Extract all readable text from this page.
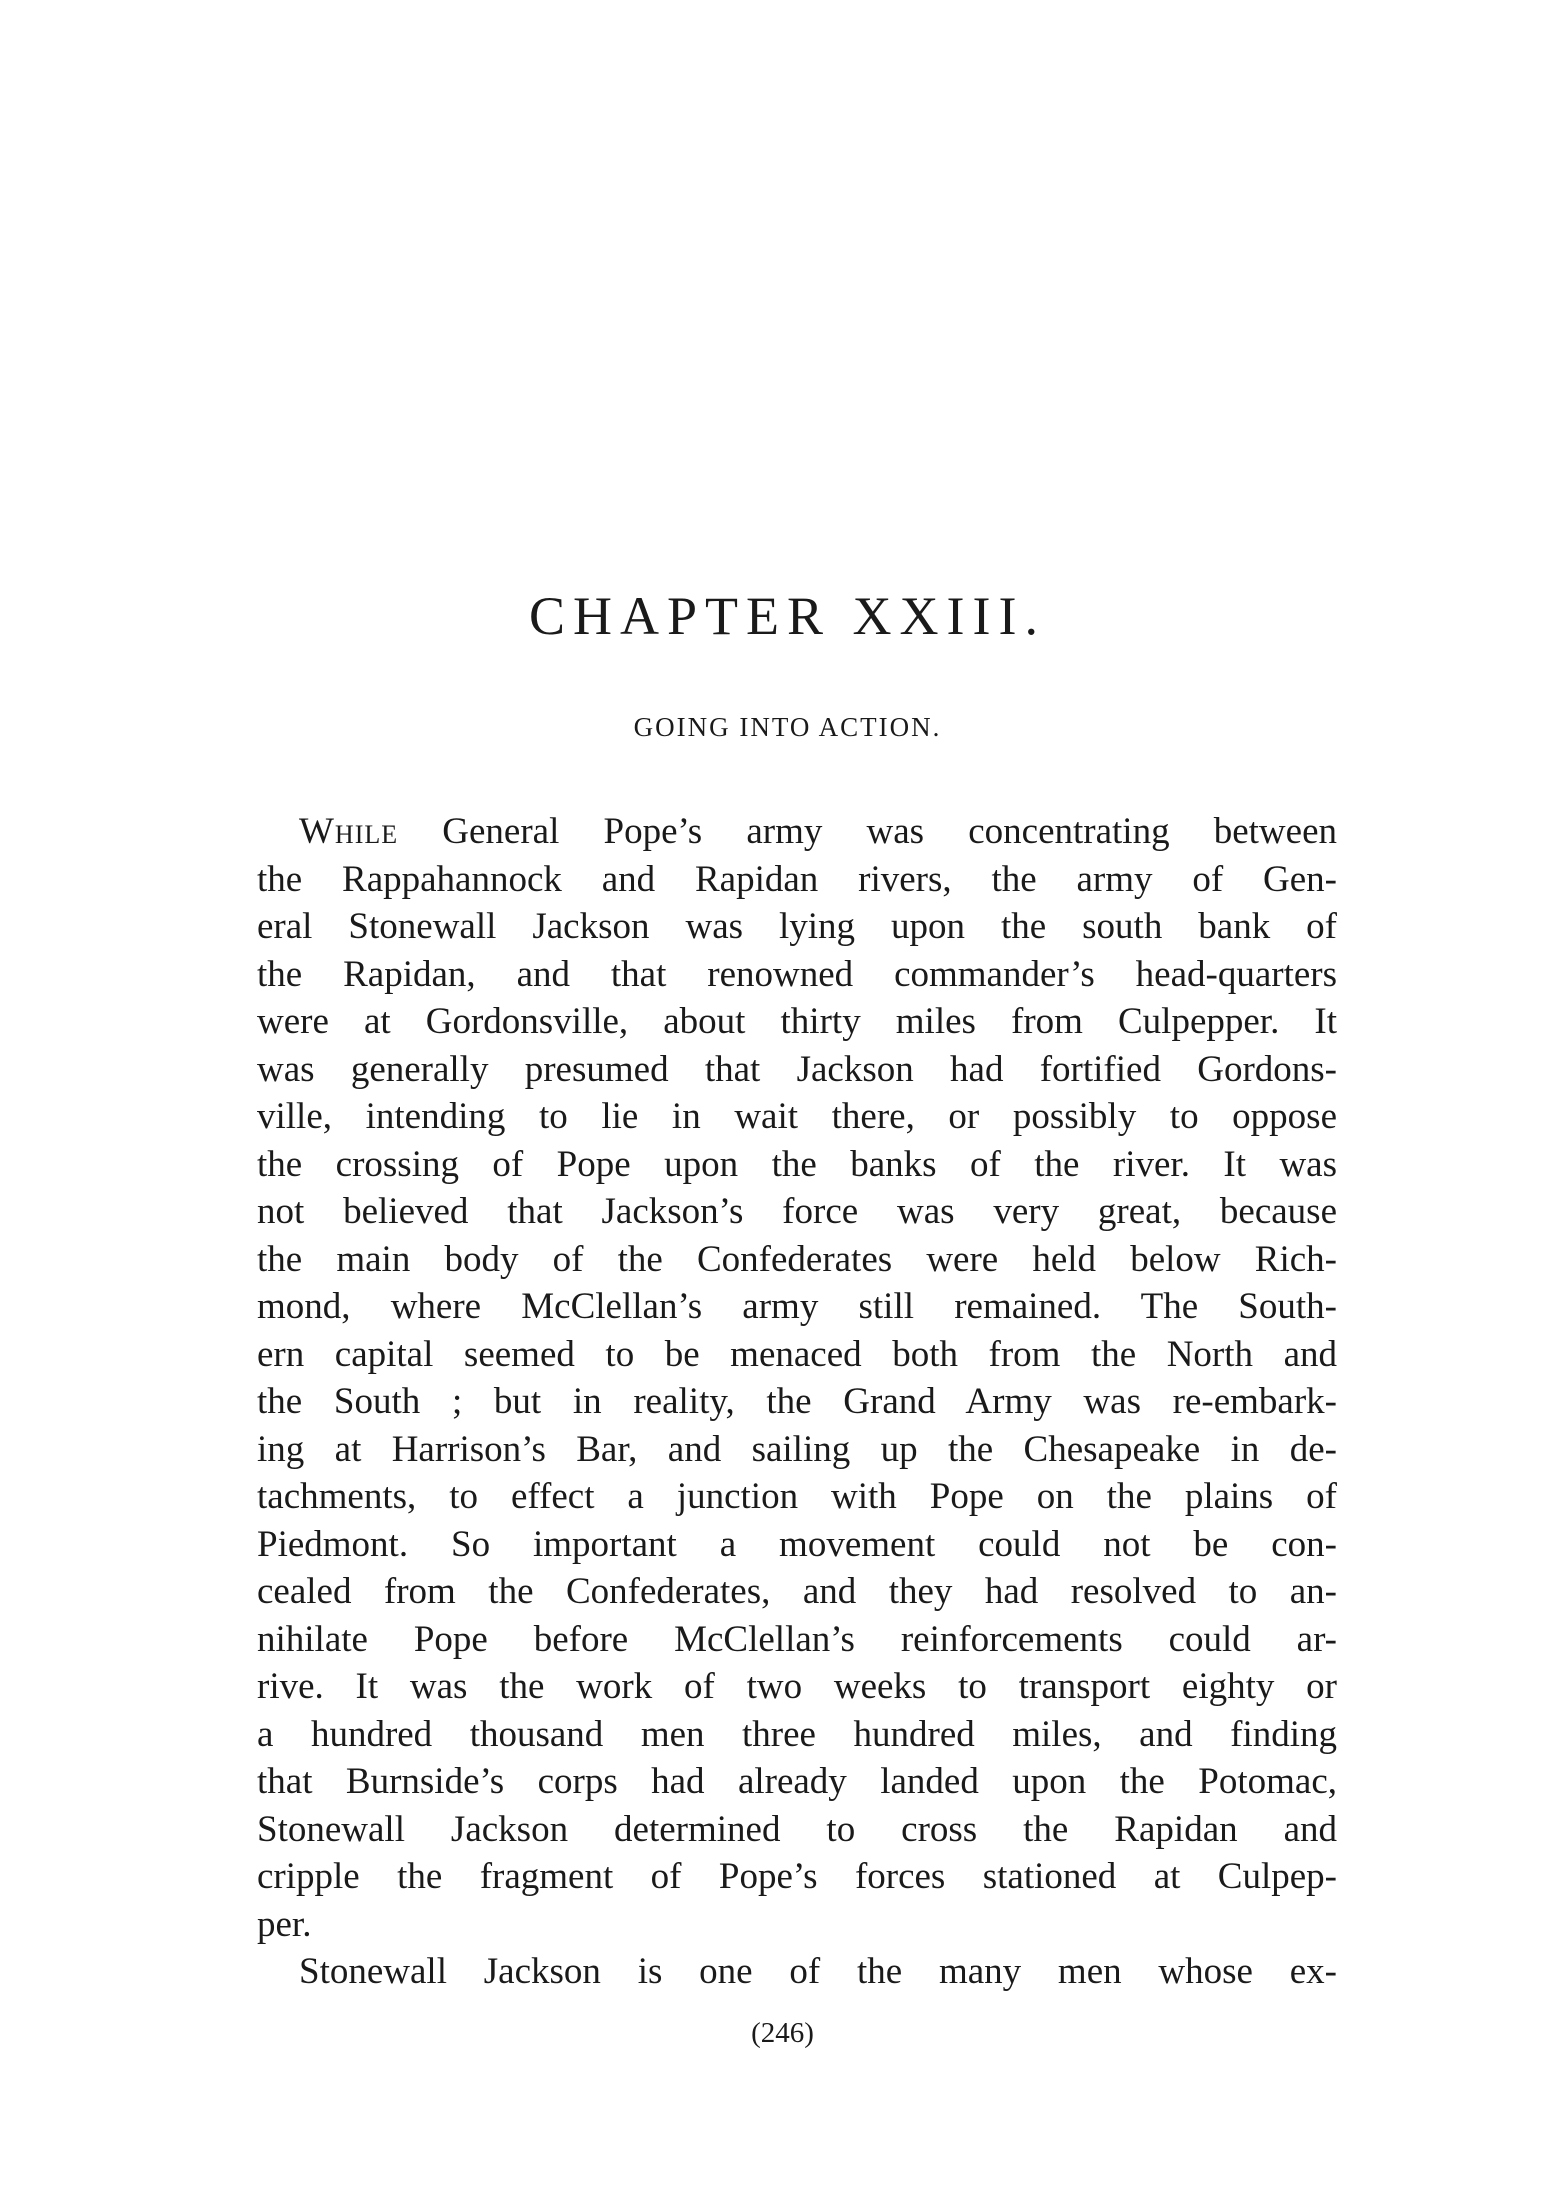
CHAPTER XXIII.
GOING INTO ACTION.
While General Pope’s army was concentrating between
the Rappahannock and Rapidan rivers, the army of Gen-
eral Stonewall Jackson was lying upon the south bank of
the Rapidan, and that renowned commander’s head-quarters
were at Gordonsville, about thirty miles from Culpepper. It
was generally presumed that Jackson had fortified Gordons-
ville, intending to lie in wait there, or possibly to oppose
the crossing of Pope upon the banks of the river. It was
not believed that Jackson’s force was very great, because
the main body of the Confederates were held below Rich-
mond, where McClellan’s army still remained. The South-
ern capital seemed to be menaced both from the North and
the South ; but in reality, the Grand Army was re-embark-
ing at Harrison’s Bar, and sailing up the Chesapeake in de-
tachments, to effect a junction with Pope on the plains of
Piedmont. So important a movement could not be con-
cealed from the Confederates, and they had resolved to an-
nihilate Pope before McClellan’s reinforcements could ar-
rive. It was the work of two weeks to transport eighty or
a hundred thousand men three hundred miles, and finding
that Burnside’s corps had already landed upon the Potomac,
Stonewall Jackson determined to cross the Rapidan and
cripple the fragment of Pope’s forces stationed at Culpep-
per.
Stonewall Jackson is one of the many men whose ex-
(246)
